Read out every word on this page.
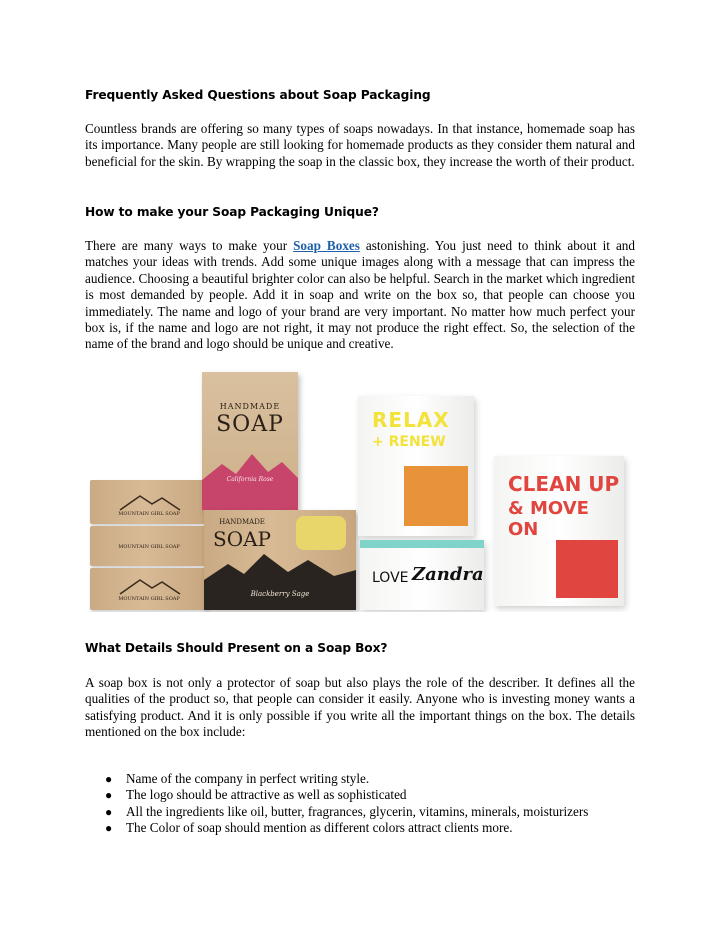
Frequently Asked Questions about Soap Packaging

Countless brands are offering so many types of soaps nowadays. In that instance, homemade soap has its importance. Many people are still looking for homemade products as they consider them natural and beneficial for the skin. By wrapping the soap in the classic box, they increase the worth of their product.

How to make your Soap Packaging Unique?

There are many ways to make your Soap Boxes astonishing. You just need to think about it and matches your ideas with trends. Add some unique images along with a message that can impress the audience. Choosing a beautiful brighter color can also be helpful. Search in the market which ingredient is most demanded by people. Add it in soap and write on the box so, that people can choose you immediately. The name and logo of your brand are very important. No matter how much perfect your box is, if the name and logo are not right, it may not produce the right effect. So, the selection of the name of the brand and logo should be unique and creative.

MOUNTAIN GIRL SOAP
MOUNTAIN GIRL SOAP
MOUNTAIN GIRL SOAP
HANDMADE
SOAP
California Rose
HANDMADE
SOAP
Blackberry Sage
RELAX
+ RENEW
LOVE Zandra
CLEAN UP
& MOVE ON
What Details Should Present on a Soap Box?

A soap box is not only a protector of soap but also plays the role of the describer. It defines all the qualities of the product so, that people can consider it easily. Anyone who is investing money wants a satisfying product. And it is only possible if you write all the important things on the box. The details mentioned on the box include:

● Name of the company in perfect writing style.
● The logo should be attractive as well as sophisticated
● All the ingredients like oil, butter, fragrances, glycerin, vitamins, minerals, moisturizers
● The Color of soap should mention as different colors attract clients more.
